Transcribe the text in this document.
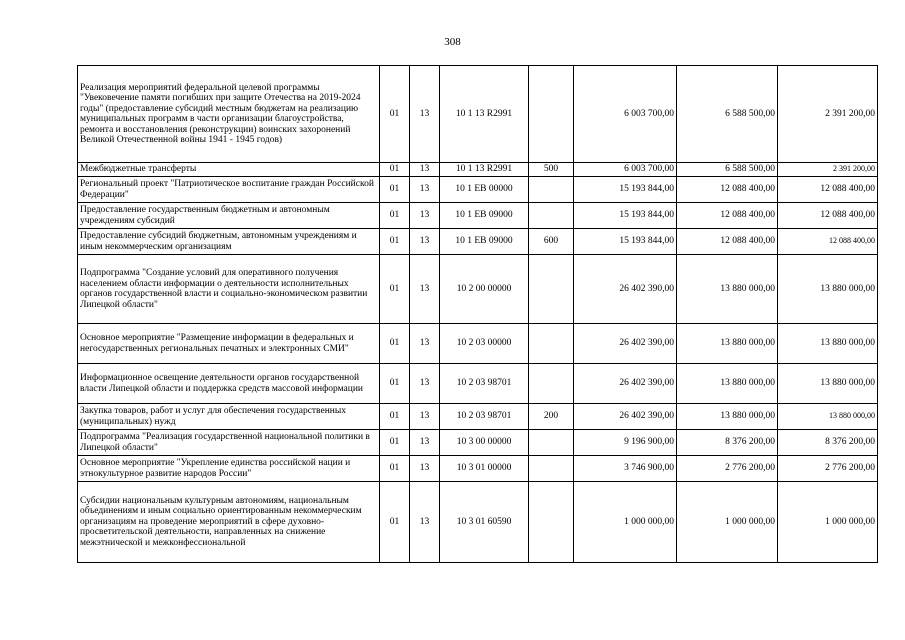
308
Реализация мероприятий федеральной целевой программы "Увековечение памяти погибших при защите Отечества на 2019-2024 годы" (предоставление субсидий местным бюджетам на реализацию муниципальных программ в части организации благоустройства, ремонта и восстановления (реконструкции) воинских захоронений Великой Отечественной войны 1941 - 1945 годов)	01	13	10 1 13 R2991		6 003 700,00	6 588 500,00	2 391 200,00
Межбюджетные трансферты	01	13	10 1 13 R2991	500	6 003 700,00	6 588 500,00	2 391 200,00
Региональный проект "Патриотическое воспитание граждан Российской Федерации"	01	13	10 1 EB 00000		15 193 844,00	12 088 400,00	12 088 400,00
Предоставление государственным бюджетным и автономным учреждениям субсидий	01	13	10 1 EB 09000		15 193 844,00	12 088 400,00	12 088 400,00
Предоставление субсидий бюджетным, автономным учреждениям и иным некоммерческим организациям	01	13	10 1 EB 09000	600	15 193 844,00	12 088 400,00	12 088 400,00
Подпрограмма "Создание условий для оперативного получения населением области информации о деятельности исполнительных органов государственной власти и социально-экономическом развитии Липецкой области"	01	13	10 2 00 00000		26 402 390,00	13 880 000,00	13 880 000,00
Основное мероприятие "Размещение информации в федеральных и негосударственных региональных печатных и электронных СМИ"	01	13	10 2 03 00000		26 402 390,00	13 880 000,00	13 880 000,00
Информационное освещение деятельности органов государственной власти Липецкой области и поддержка средств массовой информации	01	13	10 2 03 98701		26 402 390,00	13 880 000,00	13 880 000,00
Закупка товаров, работ и услуг для обеспечения государственных (муниципальных) нужд	01	13	10 2 03 98701	200	26 402 390,00	13 880 000,00	13 880 000,00
Подпрограмма "Реализация государственной национальной политики в Липецкой области"	01	13	10 3 00 00000		9 196 900,00	8 376 200,00	8 376 200,00
Основное мероприятие "Укрепление единства российской нации и этнокультурное развитие народов России"	01	13	10 3 01 00000		3 746 900,00	2 776 200,00	2 776 200,00
Субсидии национальным культурным автономиям, национальным объединениям и иным социально ориентированным некоммерческим организациям на проведение мероприятий в сфере духовно-просветительской деятельности, направленных на снижение межэтнической и межконфессиональной	01	13	10 3 01 60590		1 000 000,00	1 000 000,00	1 000 000,00
